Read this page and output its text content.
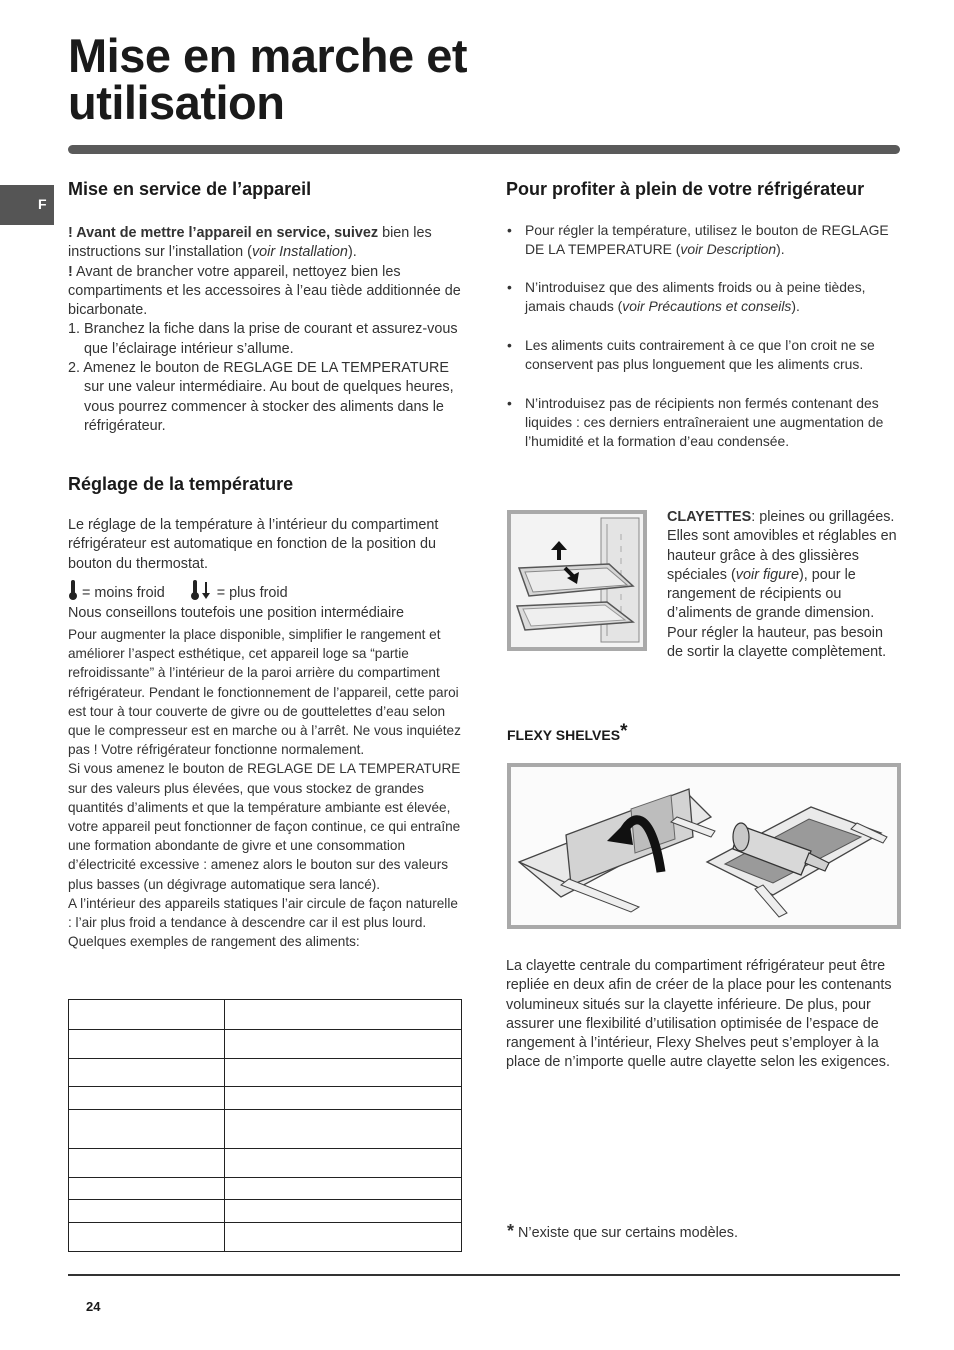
Mise en marche et utilisation
F
Mise en service de l’appareil

! Avant de mettre l’appareil en service, suivez bien les instructions sur l’installation (voir Installation).

! Avant de brancher votre appareil, nettoyez bien les compartiments et les accessoires à l’eau tiède additionnée de bicarbonate.

1. Branchez la fiche dans la prise de courant et assurez-vous que l’éclairage intérieur s’allume.

2. Amenez le bouton de REGLAGE DE LA TEMPERATURE sur une valeur intermédiaire. Au bout de quelques heures, vous pourrez commencer à stocker des aliments dans le réfrigérateur.

Réglage de la température

Le réglage de la température à l’intérieur du compartiment réfrigérateur est automatique en fonction de la position du bouton du thermostat.

= moins froid	= plus froid

Nous conseillons toutefois une position intermédiaire

Pour augmenter la place disponible, simplifier le rangement et améliorer l’aspect esthétique, cet appareil loge sa “partie refroidissante” à l’intérieur de la paroi arrière du compartiment réfrigérateur. Pendant le fonctionnement de l’appareil, cette paroi est tour à tour couverte de givre ou de gouttelettes d’eau selon que le compresseur est en marche ou à l’arrêt. Ne vous inquiétez pas ! Votre réfrigérateur fonctionne normalement.

Si vous amenez le bouton de REGLAGE DE LA TEMPERATURE sur des valeurs plus élevées, que vous stockez de grandes quantités d’aliments et que la température ambiante est élevée, votre appareil peut fonctionner de façon continue, ce qui entraîne une formation abondante de givre et une consommation d’électricité excessive : amenez alors le bouton sur des valeurs plus basses (un dégivrage automatique sera lancé).

A l’intérieur des appareils statiques l’air circule de façon naturelle : l’air plus froid a tendance à descendre car il est plus lourd. Quelques exemples de rangement des aliments:

Pour profiter à plein de votre réfrigérateur
• Pour régler la température, utilisez le bouton de REGLAGE DE LA TEMPERATURE (voir Description).
• N’introduisez que des aliments froids ou à peine tièdes, jamais chauds (voir Précautions et conseils).
• Les aliments cuits contrairement à ce que l’on croit ne se conservent pas plus longuement que les aliments crus.
• N’introduisez pas de récipients non fermés contenant des liquides : ces derniers entraîneraient une augmentation de l’humidité et la formation d’eau condensée.

CLAYETTES: pleines ou grillagées.

Elles sont amovibles et réglables en hauteur grâce à des glissières spéciales (voir figure), pour le rangement de récipients ou d’aliments de grande dimension. Pour régler la hauteur, pas besoin de sortir la clayette complètement.

FLEXY SHELVES*

La clayette centrale du compartiment réfrigérateur peut être repliée en deux afin de créer de la place pour les contenants volumineux situés sur la clayette inférieure. De plus, pour assurer une flexibilité d’utilisation optimisée de l’espace de rangement à l’intérieur, Flexy Shelves peut s’employer à la place de n’importe quelle autre clayette selon les exigences.

* N’existe que sur certains modèles.
24
